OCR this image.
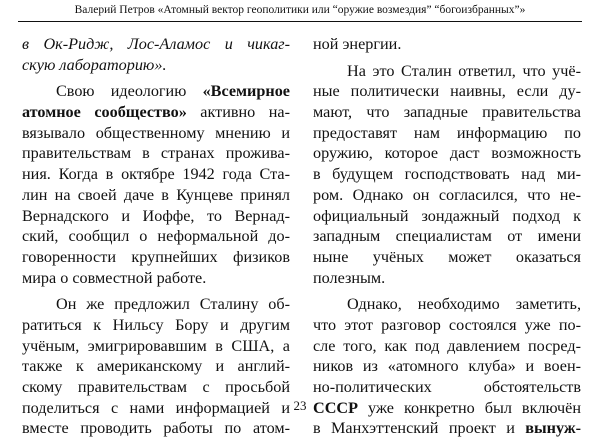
Валерий Петров «Атомный вектор геополитики или “оружие возмездия” “богоизбранных”»
в Ок-Ридж, Лос-Аламос и чикаг-
скую лабораторию».
Свою идеологию «Всемирное
атомное сообщество» активно на-
вязывало общественному мнению и
правительствам в странах прожива-
ния. Когда в октябре 1942 года Ста-
лин на своей даче в Кунцеве принял
Вернадского и Иоффе, то Вернад-
ский, сообщил о неформальной до-
говоренности крупнейших физиков
мира о совместной работе.
Он же предложил Сталину об-
ратиться к Нильсу Бору и другим
учёным, эмигрировавшим в США, а
также к американскому и англий-
скому правительствам с просьбой
поделиться с нами информацией и
вместе проводить работы по атом-
ной энергии.
На это Сталин ответил, что учё-
ные политически наивны, если ду-
мают, что западные правительства
предоставят нам информацию по
оружию, которое даст возможность
в будущем господствовать над ми-
ром. Однако он согласился, что не-
официальный зондажный подход к
западным специалистам от имени
ныне учёных может оказаться
полезным.
Однако, необходимо заметить,
что этот разговор состоялся уже по-
сле того, как под давлением посред-
ников из «атомного клуба» и воен-
но-политических обстоятельств
СССР уже конкретно был включён
в Манхэттенский проект и вынуж-
23
